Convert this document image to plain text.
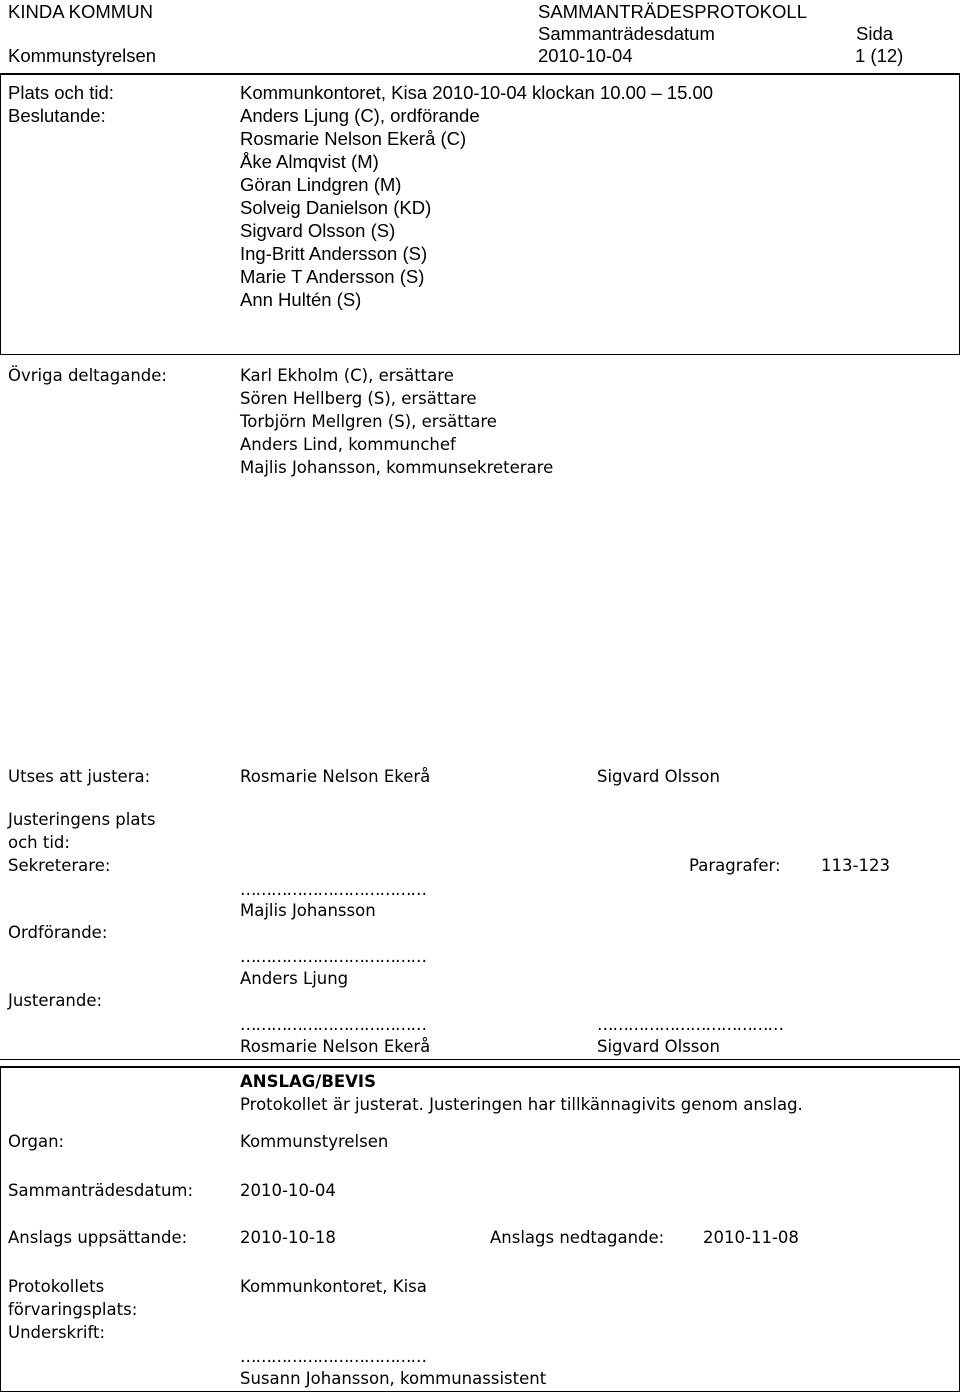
KINDA KOMMUN
Kommunstyrelsen
SAMMANTRÄDESPROTOKOLL
Sammanträdesdatum
2010-10-04
Sida
1 (12)
Plats och tid:	Kommunkontoret, Kisa 2010-10-04 klockan 10.00 – 15.00
Beslutande:	Anders Ljung (C), ordförande
Rosmarie Nelson Ekerå (C)
Åke Almqvist (M)
Göran Lindgren (M)
Solveig Danielson (KD)
Sigvard Olsson (S)
Ing-Britt Andersson (S)
Marie T Andersson (S)
Ann Hultén (S)
Övriga deltagande:	Karl Ekholm (C), ersättare
Sören Hellberg (S), ersättare
Torbjörn Mellgren (S), ersättare
Anders Lind, kommunchef
Majlis Johansson, kommunsekreterare
Utses att justera:	Rosmarie Nelson Ekerå	Sigvard Olsson
Justeringens plats
och tid:
Sekreterare:	Paragrafer: 113-123
………………………………
Majlis Johansson
Ordförande:
………………………………
Anders Ljung
Justerande:
………………………………	………………………………
Rosmarie Nelson Ekerå	Sigvard Olsson
ANSLAG/BEVIS
Protokollet är justerat. Justeringen har tillkännagivits genom anslag.
Organ:	Kommunstyrelsen
Sammanträdesdatum:	2010-10-04
Anslags uppsättande:	2010-10-18	Anslags nedtagande: 2010-11-08
Protokollets
förvaringsplats:
Kommunkontoret, Kisa
Underskrift:
………………………………
Susann Johansson, kommunassistent
